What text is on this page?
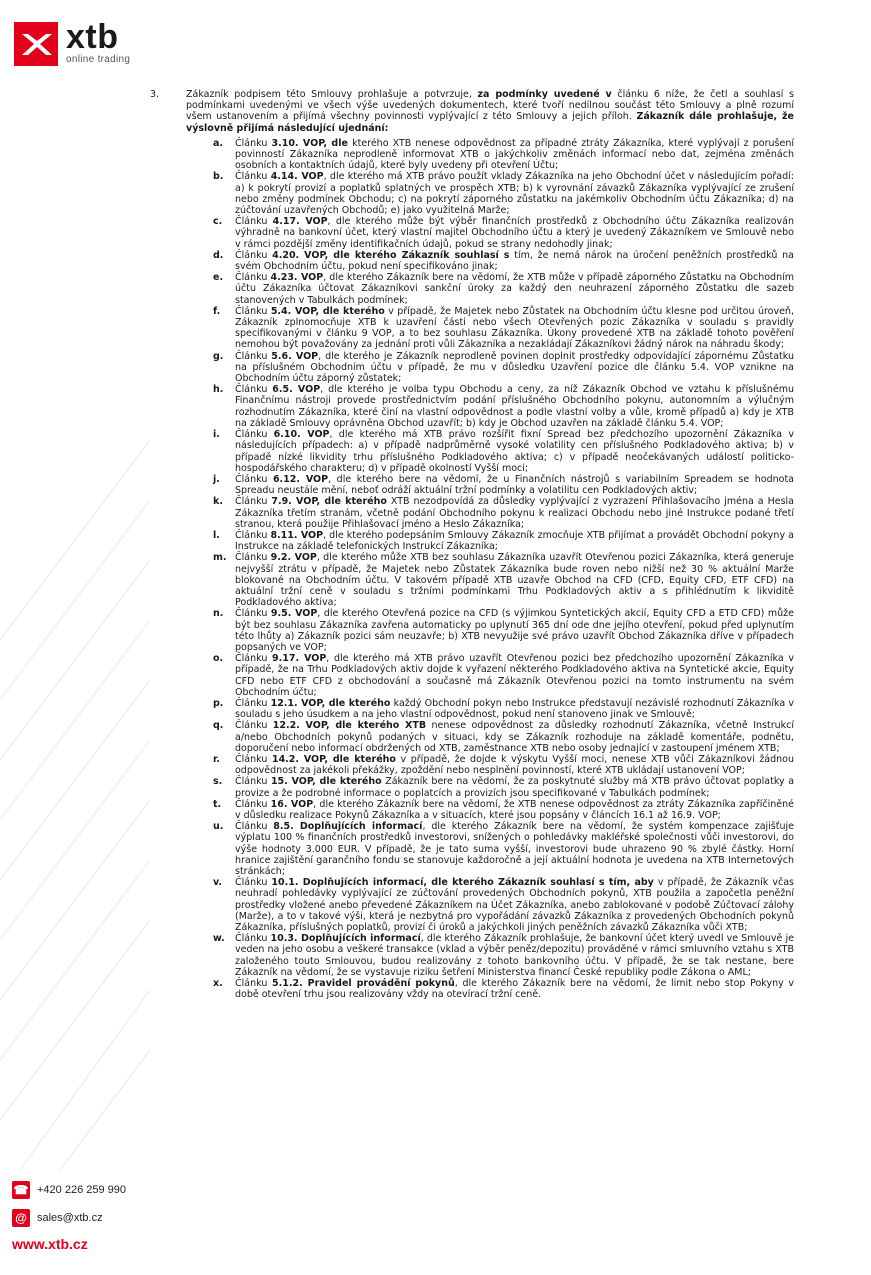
xtb
online trading
3.	Zákazník podpisem této Smlouvy prohlašuje a potvrzuje, za podmínky uvedené v článku 6 níže, že četl a souhlasí s podmínkami uvedenými ve všech výše uvedených dokumentech, které tvoří nedílnou součást této Smlouvy a plně rozumí všem ustanovením a přijímá všechny povinnosti vyplývající z této Smlouvy a jejich příloh. Zákazník dále prohlašuje, že výslovně přijímá následující ujednání:
a.	Článku 3.10. VOP, dle kterého XTB nenese odpovědnost za případné ztráty Zákazníka, které vyplývají z porušení povinností Zákazníka neprodleně informovat XTB o jakýchkoliv změnách informací nebo dat, zejména změnách osobních a kontaktních údajů, které byly uvedeny při otevření Účtu;
b.	Článku 4.14. VOP, dle kterého má XTB právo použít vklady Zákazníka na jeho Obchodní účet v následujícím pořadí: a) k pokrytí provizí a poplatků splatných ve prospěch XTB; b) k vyrovnání závazků Zákazníka vyplývající ze zrušení nebo změny podmínek Obchodu; c) na pokrytí záporného zůstatku na jakémkoliv Obchodním účtu Zákazníka; d) na zúčtování uzavřených Obchodů; e) jako využitelná Marže;
c.	Článku 4.17. VOP, dle kterého může být výběr finančních prostředků z Obchodního účtu Zákazníka realizován výhradně na bankovní účet, který vlastní majitel Obchodního účtu a který je uvedený Zákazníkem ve Smlouvě nebo v rámci pozdější změny identifikačních údajů, pokud se strany nedohodly jinak;
d.	Článku 4.20. VOP, dle kterého Zákazník souhlasí s tím, že nemá nárok na úročení peněžních prostředků na svém Obchodním účtu, pokud není specifikováno jinak;
e.	Článku 4.23. VOP, dle kterého Zákazník bere na vědomí, že XTB může v případě záporného Zůstatku na Obchodním účtu Zákazníka účtovat Zákazníkovi sankční úroky za každý den neuhrazení záporného Zůstatku dle sazeb stanovených v Tabulkách podmínek;
f.	Článku 5.4. VOP, dle kterého v případě, že Majetek nebo Zůstatek na Obchodním účtu klesne pod určitou úroveň, Zákazník zplnomocňuje XTB k uzavření části nebo všech Otevřených pozic Zákazníka v souladu s pravidly specifikovanými v článku 9 VOP, a to bez souhlasu Zákazníka. Úkony provedené XTB na základě tohoto pověření nemohou být považovány za jednání proti vůli Zákazníka a nezakládají Zákazníkovi žádný nárok na náhradu škody;
g.	Článku 5.6. VOP, dle kterého je Zákazník neprodleně povinen doplnit prostředky odpovídající zápornému Zůstatku na příslušném Obchodním účtu v případě, že mu v důsledku Uzavření pozice dle článku 5.4. VOP vznikne na Obchodním účtu záporný zůstatek;
h.	Článku 6.5. VOP, dle kterého je volba typu Obchodu a ceny, za níž Zákazník Obchod ve vztahu k příslušnému Finančnímu nástroji provede prostřednictvím podání příslušného Obchodního pokynu, autonomním a výlučným rozhodnutím Zákazníka, které činí na vlastní odpovědnost a podle vlastní volby a vůle, kromě případů a) kdy je XTB na základě Smlouvy oprávněna Obchod uzavřít; b) kdy je Obchod uzavřen na základě článku 5.4. VOP;
i.	Článku 6.10. VOP, dle kterého má XTB právo rozšířit fixní Spread bez předchozího upozornění Zákazníka v následujících případech: a) v případě nadprůměrně vysoké volatility cen příslušného Podkladového aktiva; b) v případě nízké likvidity trhu příslušného Podkladového aktiva; c) v případě neočekávaných událostí politicko-hospodářského charakteru; d) v případě okolností Vyšší moci;
j.	Článku 6.12. VOP, dle kterého bere na vědomí, že u Finančních nástrojů s variabilním Spreadem se hodnota Spreadu neustále mění, neboť odráží aktuální tržní podmínky a volatilitu cen Podkladových aktiv;
k.	Článku 7.9. VOP, dle kterého XTB nezodpovídá za důsledky vyplývající z vyzrazení Přihlašovacího jména a Hesla Zákazníka třetím stranám, včetně podání Obchodního pokynu k realizaci Obchodu nebo jiné Instrukce podané třetí stranou, která použije Přihlašovací jméno a Heslo Zákazníka;
l.	Článku 8.11. VOP, dle kterého podepsáním Smlouvy Zákazník zmocňuje XTB přijímat a provádět Obchodní pokyny a Instrukce na základě telefonických Instrukcí Zákazníka;
m. Článku 9.2. VOP, dle kterého může XTB bez souhlasu Zákazníka uzavřít Otevřenou pozici Zákazníka, která generuje nejvyšší ztrátu v případě, že Majetek nebo Zůstatek Zákazníka bude roven nebo nižší než 30 % aktuální Marže blokované na Obchodním účtu. V takovém případě XTB uzavře Obchod na CFD (CFD, Equity CFD, ETF CFD) na aktuální tržní ceně v souladu s tržními podmínkami Trhu Podkladových aktiv a s přihlédnutím k likviditě Podkladového aktiva;
n.	Článku 9.5. VOP, dle kterého Otevřená pozice na CFD (s výjimkou Syntetických akcií, Equity CFD a ETD CFD) může být bez souhlasu Zákazníka zavřena automaticky po uplynutí 365 dní ode dne jejího otevření, pokud před uplynutím této lhůty a) Zákazník pozici sám neuzavře; b) XTB nevyužije své právo uzavřít Obchod Zákazníka dříve v případech popsaných ve VOP;
o.	Článku 9.17. VOP, dle kterého má XTB právo uzavřít Otevřenou pozici bez předchozího upozornění Zákazníka v případě, že na Trhu Podkladových aktiv dojde k vyřazení některého Podkladového aktiva na Syntetické akcie, Equity CFD nebo ETF CFD z obchodování a současně má Zákazník Otevřenou pozici na tomto instrumentu na svém Obchodním účtu;
p.	Článku 12.1. VOP, dle kterého každý Obchodní pokyn nebo Instrukce představují nezávislé rozhodnutí Zákazníka v souladu s jeho úsudkem a na jeho vlastní odpovědnost, pokud není stanoveno jinak ve Smlouvě;
q.	Článku 12.2. VOP, dle kterého XTB nenese odpovědnost za důsledky rozhodnutí Zákazníka, včetně Instrukcí a/nebo Obchodních pokynů podaných v situaci, kdy se Zákazník rozhoduje na základě komentáře, podnětu, doporučení nebo informací obdržených od XTB, zaměstnance XTB nebo osoby jednající v zastoupení jménem XTB;
r.	Článku 14.2. VOP, dle kterého v případě, že dojde k výskytu Vyšší moci, nenese XTB vůči Zákazníkovi žádnou odpovědnost za jakékoli překážky, zpoždění nebo nesplnění povinností, které XTB ukládají ustanovení VOP;
s.	Článku 15. VOP, dle kterého Zákazník bere na vědomí, že za poskytnuté služby má XTB právo účtovat poplatky a provize a že podrobné informace o poplatcích a provizích jsou specifikované v Tabulkách podmínek;
t.	Článku 16. VOP, dle kterého Zákazník bere na vědomí, že XTB nenese odpovědnost za ztráty Zákazníka zapříčiněné v důsledku realizace Pokynů Zákazníka a v situacích, které jsou popsány v článcích 16.1 až 16.9. VOP;
u.	Článku 8.5. Doplňujících informací, dle kterého Zákazník bere na vědomí, že systém kompenzace zajišťuje výplatu 100 % finančních prostředků investorovi, snížených o pohledávky makléřské společnosti vůči investorovi, do výše hodnoty 3.000 EUR. V případě, že je tato suma vyšší, investorovi bude uhrazeno 90 % zbylé částky. Horní hranice zajištění garančního fondu se stanovuje každoročně a její aktuální hodnota je uvedena na XTB Internetových stránkách;
v.	Článku 10.1. Doplňujících informací, dle kterého Zákazník souhlasí s tím, aby v případě, že Zákazník včas neuhradí pohledávky vyplývající ze zúčtování provedených Obchodních pokynů, XTB použila a započetla peněžní prostředky vložené anebo převedené Zákazníkem na Účet Zákazníka, anebo zablokované v podobě Zúčtovací zálohy (Marže), a to v takové výši, která je nezbytná pro vypořádání závazků Zákazníka z provedených Obchodních pokynů Zákazníka, příslušných poplatků, provizí či úroků a jakýchkoli jiných peněžních závazků Zákazníka vůči XTB;
w.	Článku 10.3. Doplňujících informací, dle kterého Zákazník prohlašuje, že bankovní účet který uvedl ve Smlouvě je veden na jeho osobu a veškeré transakce (vklad a výběr peněz/depozitu) prováděné v rámci smluvního vztahu s XTB založeného touto Smlouvou, budou realizovány z tohoto bankovního účtu. V případě, že se tak nestane, bere Zákazník na vědomí, že se vystavuje riziku šetření Ministerstva financí České republiky podle Zákona o AML;
x.	Článku 5.1.2. Pravidel provádění pokynů, dle kterého Zákazník bere na vědomí, že limit nebo stop Pokyny v době otevření trhu jsou realizovány vždy na otevírací tržní ceně.
☎ +420 226 259 990
@ sales@xtb.cz
www.xtb.cz
